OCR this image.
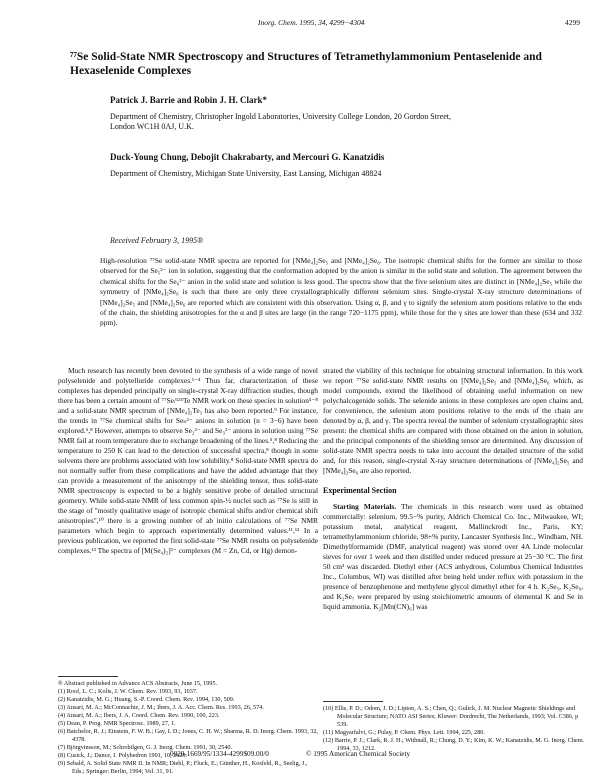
Inorg. Chem. 1995, 34, 4299−4304	4299
⁷⁷Se Solid-State NMR Spectroscopy and Structures of Tetramethylammonium Pentaselenide and Hexaselenide Complexes
Patrick J. Barrie and Robin J. H. Clark*
Department of Chemistry, Christopher Ingold Laboratories, University College London, 20 Gordon Street, London WC1H 0AJ, U.K.
Duck-Young Chung, Debojit Chakrabarty, and Mercouri G. Kanatzidis
Department of Chemistry, Michigan State University, East Lansing, Michigan 48824
Received February 3, 1995®
High-resolution ⁷⁷Se solid-state NMR spectra are reported for [NMe₄]₂Se₅ and [NMe₄]₂Se₆. The isotropic chemical shifts for the former are similar to those observed for the Se₅²⁻ ion in solution, suggesting that the conformation adopted by the anion is similar in the solid state and solution. The agreement between the chemical shifts for the Se₆²⁻ anion in the solid state and solution is less good. The spectra show that the five selenium sites are distinct in [NMe₄]₂Se₅ while the symmetry of [NMe₄]₂Se₆ is such that there are only three crystallographically different selenium sites. Single-crystal X-ray structure determinations of [NMe₄]₂Se₅ and [NMe₄]₂Se₆ are reported which are consistent with this observation. Using α, β, and γ to signify the selenium atom positions relative to the ends of the chain, the shielding anisotropies for the α and β sites are large (in the range 720−1175 ppm), while those for the γ sites are lower than these (634 and 332 ppm).

Much research has recently been devoted to the synthesis of a wide range of novel polyselenide and polytelluride complexes.¹⁻⁴ Thus far, characterization of these complexes has depended principally on single-crystal X-ray diffraction studies, though there has been a certain amount of ⁷⁷Se/¹²⁵Te NMR work on these species in solution⁵⁻⁸ and a solid-state NMR spectrum of [NMe₄]₂Te₃ has also been reported.⁹ For instance, the trends in ⁷⁷Se chemical shifts for Seₙ²⁻ anions in solution (n = 3−6) have been explored.⁵,⁸ However, attempts to observe Se₂²⁻ and Se₃²⁻ anions in solution using ⁷⁷Se NMR fail at room temperature due to exchange broadening of the lines.⁵,⁸ Reducing the temperature to 250 K can lead to the detection of successful spectra,⁸ though in some solvents there are problems associated with low solubility.⁸ Solid-state NMR spectra do not normally suffer from these complications and have the added advantage that they can provide a measurement of the anisotropy of the shielding tensor, thus solid-state NMR spectroscopy is expected to be a highly sensitive probe of detailed structural geometry. While solid-state NMR of less common spin-½ nuclei such as ⁷⁷Se is still in the stage of "mostly qualitative usage of isotropic chemical shifts and/or chemical shift anisotropies",¹⁰ there is a growing number of ab initio calculations of ⁷⁷Se NMR parameters which begin to approach experimentally determined values.¹¹,¹² In a previous publication, we reported the first solid-state ⁷⁷Se NMR results on polyselenide complexes.¹³ The spectra of [M(Se₄)₂]²⁻ complexes (M = Zn, Cd, or Hg) demon-

® Abstract published in Advance ACS Abstracts, June 15, 1995.
(1) Roof, L. C.; Kolis, J. W. Chem. Rev. 1993, 93, 1037.
(2) Kanatzidis, M. G.; Huang, S.-P. Coord. Chem. Rev. 1994, 130, 509.
(3) Ansari, M. A.; McConnachie, J. M.; Ibers, J. A. Acc. Chem. Res. 1993, 26, 574.
(4) Ansari, M. A.; Ibers, J. A. Coord. Chem. Rev. 1990, 100, 223.
(5) Dean, P. Prog. NMR Spectrosc. 1989, 27, 1.
(6) Batchelor, R. J.; Einstein, F. W. B.; Gay, I. D.; Jones, C. H. W.; Sharma, R. D. Inorg. Chem. 1993, 32, 4378.
(7) Björgvinsson, M.; Schrobilgen, G. J. Inorg. Chem. 1991, 30, 2540.
(8) Cusick, J.; Dance, I. Polyhedron 1991, 10, 2629.
(9) Sebald, A. Solid State NMR II. In NMR; Diehl, P.; Fluck, E.; Günther, H., Kosfeld, R., Seelig, J., Eds.; Springer: Berlin, 1994; Vol. 31, 91.

strated the viability of this technique for obtaining structural information. In this work we report ⁷⁷Se solid-state NMR results on [NMe₄]₂Se₅ and [NMe₄]₂Se₆ which, as model compounds, extend the likelihood of obtaining useful information on new polychalcogenide solids. The selenide anions in these complexes are open chains and, for convenience, the selenium atom positions relative to the ends of the chain are denoted by α, β, and γ. The spectra reveal the number of selenium crystallographic sites present: the chemical shifts are compared with those obtained on the anion in solution, and the principal components of the shielding tensor are determined. Any discussion of solid-state NMR spectra needs to take into account the detailed structure of the solid and, for this reason, single-crystal X-ray structure determinations of [NMe₄]₂Se₅ and [NMe₄]₂Se₆ are also reported.

Experimental Section

Starting Materials. The chemicals in this research were used as obtained commercially: selenium, 99.5−% purity, Aldrich Chemical Co. Inc., Milwaukee, WI; potassium metal, analytical reagent, Mallinckrodt Inc., Paris, KY; tetramethylammonium chloride, 98+% purity, Lancaster Synthesis Inc., Windham, NH. Dimethylformamide (DMF, analytical reagent) was stored over 4A Linde molecular sieves for over 1 week and then distilled under reduced pressure at 25−30 °C. The first 50 cm³ was discarded. Diethyl ether (ACS anhydrous, Columbus Chemical Industries Inc., Columbus, WI) was distilled after being held under reflux with potassium in the presence of benzophenone and methylene glycol dimethyl ether for 4 h. K₂Se₅, K₂Se₆, and K₂Se₇ were prepared by using stoichiometric amounts of elemental K and Se in liquid ammonia. K₂[Mn(CN)₆] was

(10) Ellis, P. D.; Odom, J. D.; Lipton, A. S.; Chen, Q.; Gulick, J. M. Nuclear Magnetic Shieldings and Molecular Structure; NATO ASI Series; Kluwer: Dordrecht, The Netherlands, 1993; Vol. C386, p 539.
(11) Magyarfalvi, G.; Pulay, P. Chem. Phys. Lett. 1994, 225, 280.
(12) Barrie, P. J.; Clark, R. J. H.; Withnall, R.; Chung, D. Y.; Kim, K. W.; Kanatzidis, M. G. Inorg. Chem. 1994, 33, 1212.
0020-1669/95/1334-4299$09.00/0	© 1995 American Chemical Society
